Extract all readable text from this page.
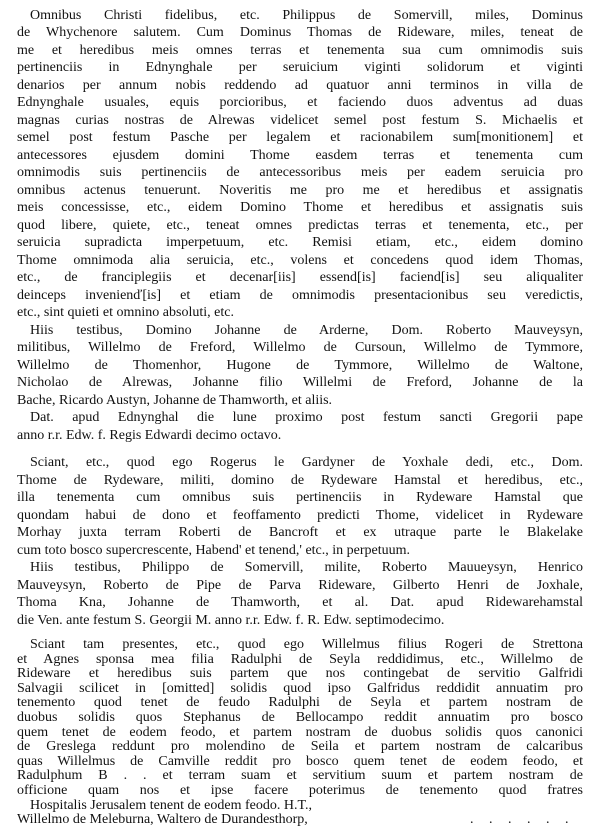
Omnibus Christi fidelibus, etc. Philippus de Somervill, miles, Dominus
de Whychenore salutem. Cum Dominus Thomas de Rideware, miles, teneat de
me et heredibus meis omnes terras et tenementa sua cum omnimodis suis
pertinenciis in Ednynghale per seruicium viginti solidorum et viginti
denarios per annum nobis reddendo ad quatuor anni terminos in villa de
Ednynghale usuales, equis porcioribus, et faciendo duos adventus ad duas
magnas curias nostras de Alrewas videlicet semel post festum S. Michaelis et
semel post festum Pasche per legalem et racionabilem sum[monitionem] et
antecessores ejusdem domini Thome easdem terras et tenementa cum
omnimodis suis pertinenciis de antecessoribus meis per eadem seruicia pro
omnibus actenus tenuerunt. Noveritis me pro me et heredibus et assignatis
meis concessisse, etc., eidem Domino Thome et heredibus et assignatis suis
quod libere, quiete, etc., teneat omnes predictas terras et tenementa, etc., per
seruicia supradicta imperpetuum, etc. Remisi etiam, etc., eidem domino
Thome omnimoda alia seruicia, etc., volens et concedens quod idem Thomas,
etc., de franciplegiis et decenar[iis] essend[is] faciend[is] seu aliqualiter
deinceps invenienď[is] et etiam de omnimodis presentacionibus seu veredictis,
etc., sint quieti et omnino absoluti, etc.
Hiis testibus, Domino Johanne de Arderne, Dom. Roberto Mauveysyn,
militibus, Willelmo de Freford, Willelmo de Cursoun, Willelmo de Tymmore,
Willelmo de Thomenhor, Hugone de Tymmore, Willelmo de Waltone,
Nicholao de Alrewas, Johanne filio Willelmi de Freford, Johanne de la
Bache, Ricardo Austyn, Johanne de Thamworth, et aliis.
Dat. apud Ednynghal die lune proximo post festum sancti Gregorii pape
anno r.r. Edw. f. Regis Edwardi decimo octavo.
Sciant, etc., quod ego Rogerus le Gardyner de Yoxhale dedi, etc., Dom.
Thome de Rydeware, militi, domino de Rydeware Hamstal et heredibus, etc.,
illa tenementa cum omnibus suis pertinenciis in Rydeware Hamstal que
quondam habui de dono et feoffamento predicti Thome, videlicet in Rydeware
Morhay juxta terram Roberti de Bancroft et ex utraque parte le Blakelake
cum toto bosco supercrescente, Habend' et tenend,' etc., in perpetuum.
Hiis testibus, Philippo de Somervill, milite, Roberto Mauueysyn, Henrico
Mauveysyn, Roberto de Pipe de Parva Rideware, Gilberto Henri de Joxhale,
Thoma Kna, Johanne de Thamworth, et al. Dat. apud Ridewarehamstal
die Ven. ante festum S. Georgii M. anno r.r. Edw. f. R. Edw. septimodecimo.
Sciant tam presentes, etc., quod ego Willelmus filius Rogeri de Strettona
et Agnes sponsa mea filia Radulphi de Seyla reddidimus, etc., Willelmo de
Rideware et heredibus suis partem que nos contingebat de servitio Galfridi
Salvagii scilicet in [omitted] solidis quod ipso Galfridus reddidit annuatim pro
tenemento quod tenet de feudo Radulphi de Seyla et partem nostram de
duobus solidis quos Stephanus de Bellocampo reddit annuatim pro bosco
quem tenet de eodem feodo, et partem nostram de duobus solidis quos canonici
de Greslega reddunt pro molendino de Seila et partem nostram de calcaribus
quas Willelmus de Camville reddit pro bosco quem tenet de eodem feodo, et
Radulphum B . . et terram suam et servitium suum et partem nostram de
officione quam nos et ipse facere poterimus de tenemento quod fratres
Hospitalis Jerusalem tenent de eodem feodo. H.T.,
. . . . . .
Willelmo de Meleburna, Waltero de Durandesthorp,
